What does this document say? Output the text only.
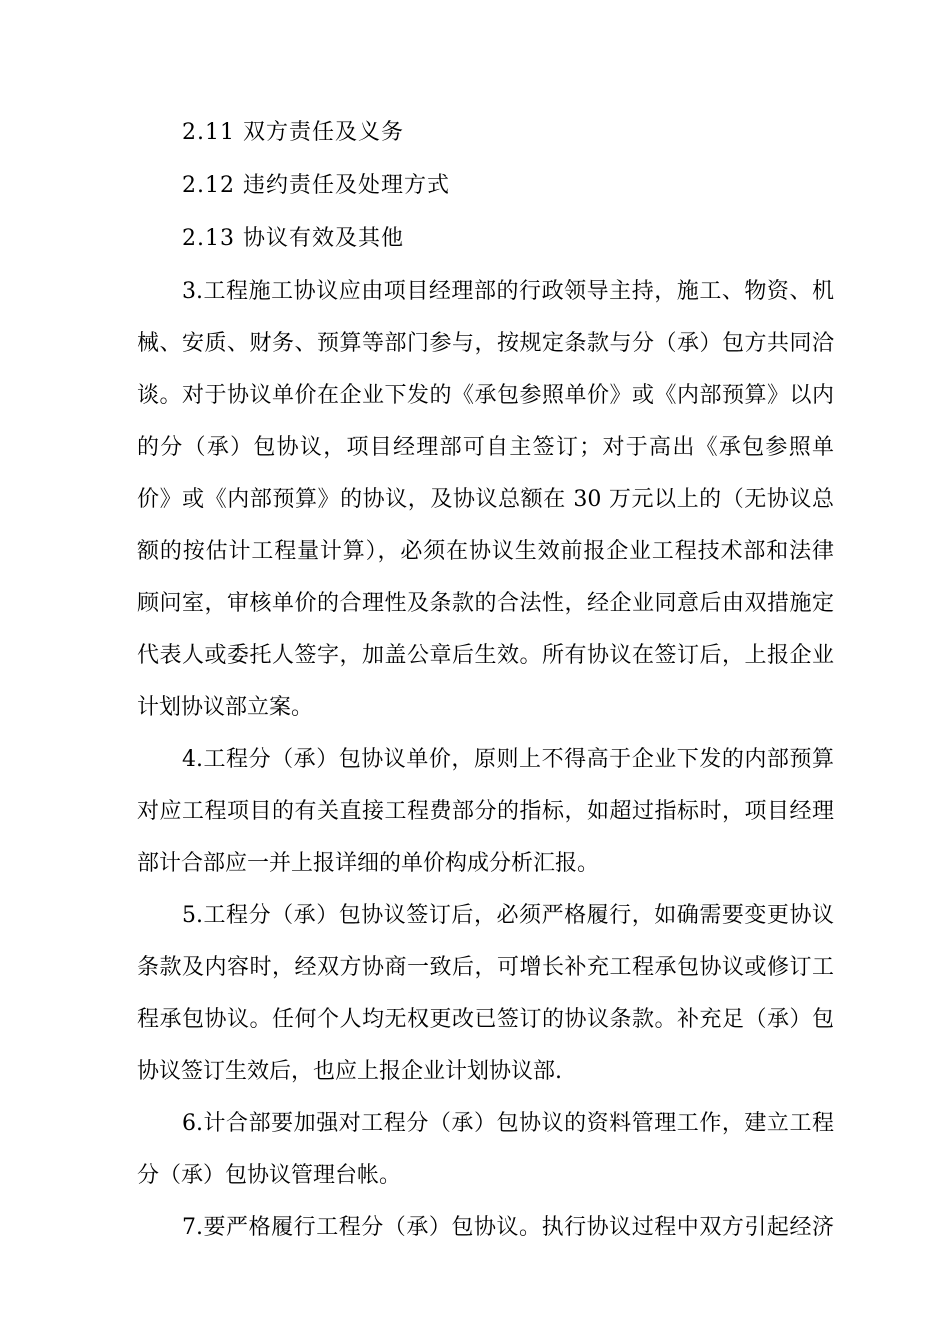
2.11 双方责任及义务
2.12 违约责任及处理方式
2.13 协议有效及其他
3.工程施工协议应由项目经理部的行政领导主持，施工、物资、机
械、安质、财务、预算等部门参与，按规定条款与分（承）包方共同洽
谈。对于协议单价在企业下发的《承包参照单价》或《内部预算》以内
的分（承）包协议，项目经理部可自主签订；对于高出《承包参照单
价》或《内部预算》的协议，及协议总额在 30 万元以上的（无协议总
额的按估计工程量计算），必须在协议生效前报企业工程技术部和法律
顾问室，审核单价的合理性及条款的合法性，经企业同意后由双措施定
代表人或委托人签字，加盖公章后生效。所有协议在签订后，上报企业
计划协议部立案。
4.工程分（承）包协议单价，原则上不得高于企业下发的内部预算
对应工程项目的有关直接工程费部分的指标，如超过指标时，项目经理
部计合部应一并上报详细的单价构成分析汇报。
5.工程分（承）包协议签订后，必须严格履行，如确需要变更协议
条款及内容时，经双方协商一致后，可增长补充工程承包协议或修订工
程承包协议。任何个人均无权更改已签订的协议条款。补充足（承）包
协议签订生效后，也应上报企业计划协议部.
6.计合部要加强对工程分（承）包协议的资料管理工作，建立工程
分（承）包协议管理台帐。
7.要严格履行工程分（承）包协议。执行协议过程中双方引起经济
